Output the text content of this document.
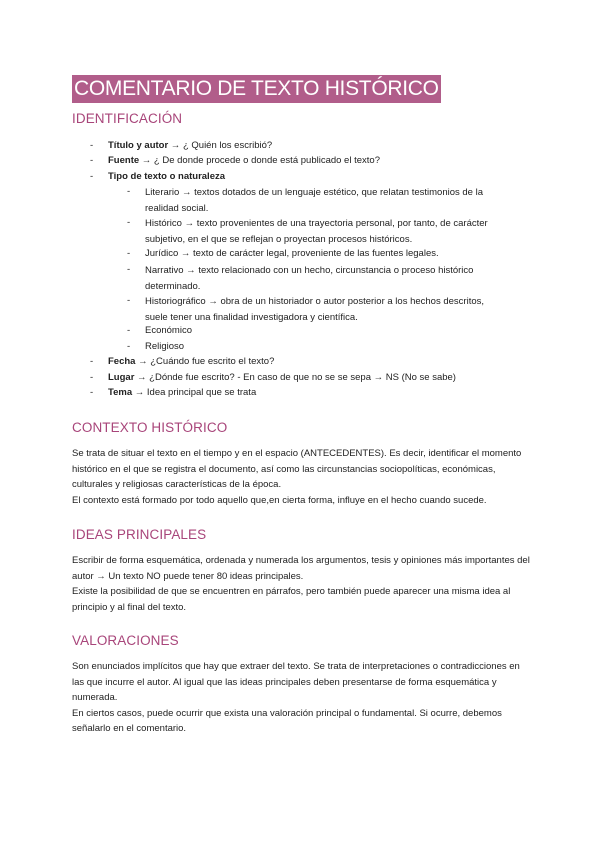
COMENTARIO DE TEXTO HISTÓRICO
IDENTIFICACIÓN
- Título y autor → ¿ Quién los escribió?
- Fuente → ¿ De donde procede o donde está publicado el texto?
- Tipo de texto o naturaleza
- Literario → textos dotados de un lenguaje estético, que relatan testimonios de la realidad social.
- Histórico → texto provenientes de una trayectoria personal, por tanto, de carácter subjetivo, en el que se reflejan o proyectan procesos históricos.
- Jurídico → texto de carácter legal, proveniente de las fuentes legales.
- Narrativo → texto relacionado con un hecho, circunstancia o proceso histórico determinado.
- Historiográfico → obra de un historiador o autor posterior a los hechos descritos, suele tener una finalidad investigadora y científica.
- Económico
- Religioso
- Fecha → ¿Cuándo fue escrito el texto?
- Lugar → ¿Dónde fue escrito? - En caso de que no se se sepa → NS (No se sabe)
- Tema → Idea principal que se trata
CONTEXTO HISTÓRICO

Se trata de situar el texto en el tiempo y en el espacio (ANTECEDENTES). Es decir, identificar el momento histórico en el que se registra el documento, así como las circunstancias sociopolíticas, económicas, culturales y religiosas características de la época.

El contexto está formado por todo aquello que,en cierta forma, influye en el hecho cuando sucede.

IDEAS PRINCIPALES

Escribir de forma esquemática, ordenada y numerada los argumentos, tesis y opiniones más importantes del autor → Un texto NO puede tener 80 ideas principales.

Existe la posibilidad de que se encuentren en párrafos, pero también puede aparecer una misma idea al principio y al final del texto.

VALORACIONES

Son enunciados implícitos que hay que extraer del texto. Se trata de interpretaciones o contradicciones en las que incurre el autor. Al igual que las ideas principales deben presentarse de forma esquemática y numerada.

En ciertos casos, puede ocurrir que exista una valoración principal o fundamental. Si ocurre, debemos señalarlo en el comentario.
